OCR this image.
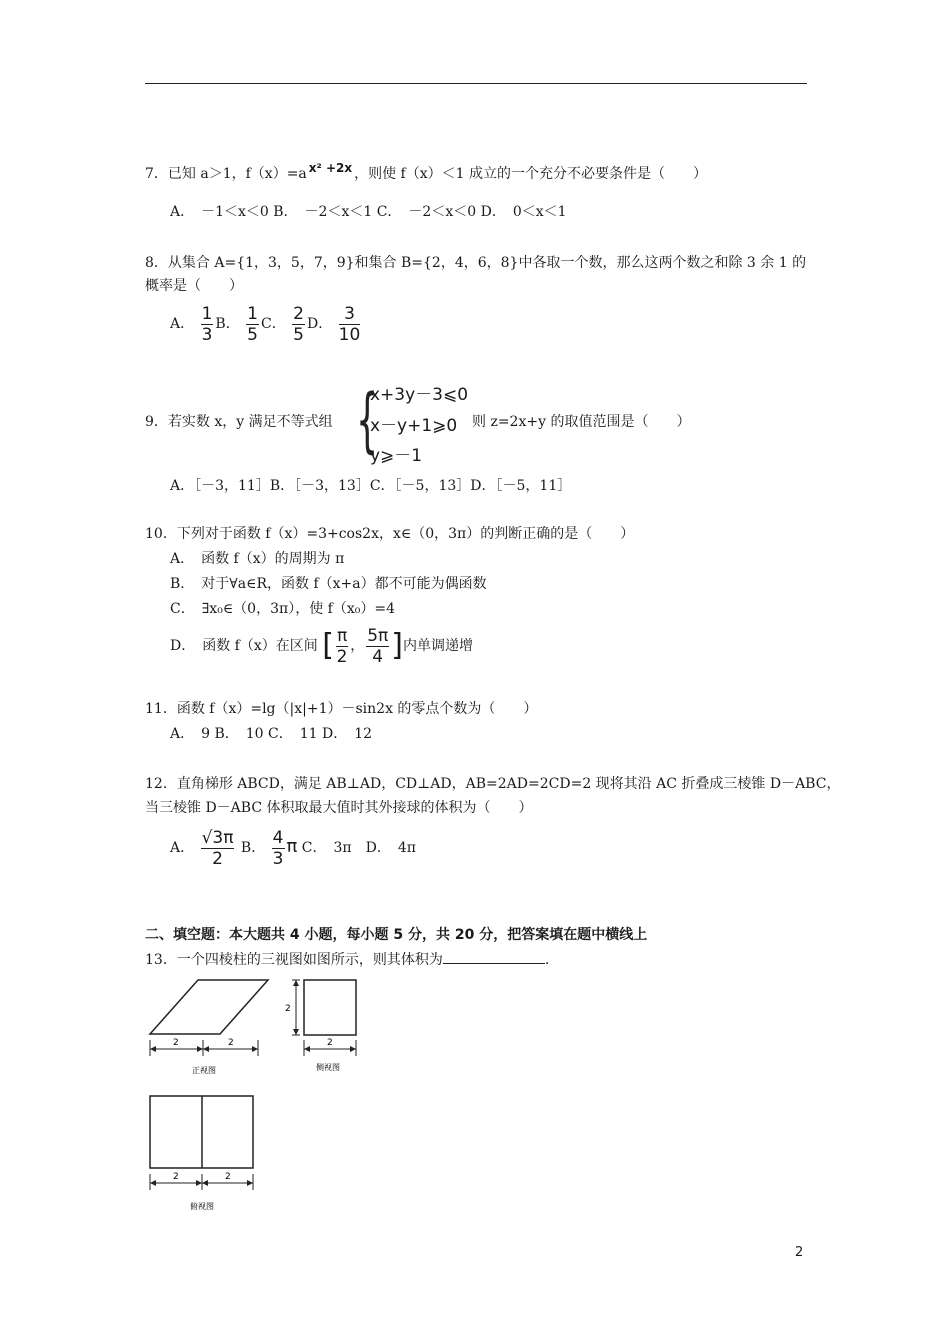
7．已知 a＞1，f（x）=a x² +2x ，则使 f（x）＜1 成立的一个充分不必要条件是（　　）
A．　－1＜x＜0 B．　－2＜x＜1 C．　－2＜x＜0 D．　0＜x＜1
8．从集合 A={1，3，5，7，9}和集合 B={2，4，6，8}中各取一个数，那么这两个数之和除 3 余 1 的
概率是（　　）
A． $\frac{1}{3}$ B． $\frac{1}{5}$ C． $\frac{2}{5}$ D． $\frac{3}{10}$
9．若实数 x，y 满足不等式组 {
x+3y－3⩽0
x－y+1⩾0
y⩾－1
则 z=2x+y 的取值范围是（　　）
A．［－3，11］B．［－3，13］C．［－5，13］D．［－5，11］
10．下列对于函数 f（x）=3+cos2x，x∈（0，3π）的判断正确的是（　　）
A．　函数 f（x）的周期为 π
B．　对于∀a∈R，函数 f（x+a）都不可能为偶函数
C．　∃x₀∈（0，3π），使 f（x₀）=4
D．　函数 f（x）在区间 [ $\frac{\pi}{2}$ ， $\frac{5\pi}{4}$ ]内单调递增
11．函数 f（x）=lg（|x|+1）－sin2x 的零点个数为（　　）
A．　9 B．　10 C．　11 D．　12
12．直角梯形 ABCD，满足 AB⊥AD，CD⊥AD，AB=2AD=2CD=2 现将其沿 AC 折叠成三棱锥 D－ABC，
当三棱锥 D－ABC 体积取最大值时其外接球的体积为（　　）
A． $\frac{√3\pi}{2}$ B． $\frac{4}{3}$ π C．　3π　D．　4π
二、填空题：本大题共 4 小题，每小题 5 分，共 20 分，把答案填在题中横线上
13．一个四棱柱的三视图如图所示，则其体积为	.
2	2
正视图
2
2
侧视图
2	2
俯视图
2
